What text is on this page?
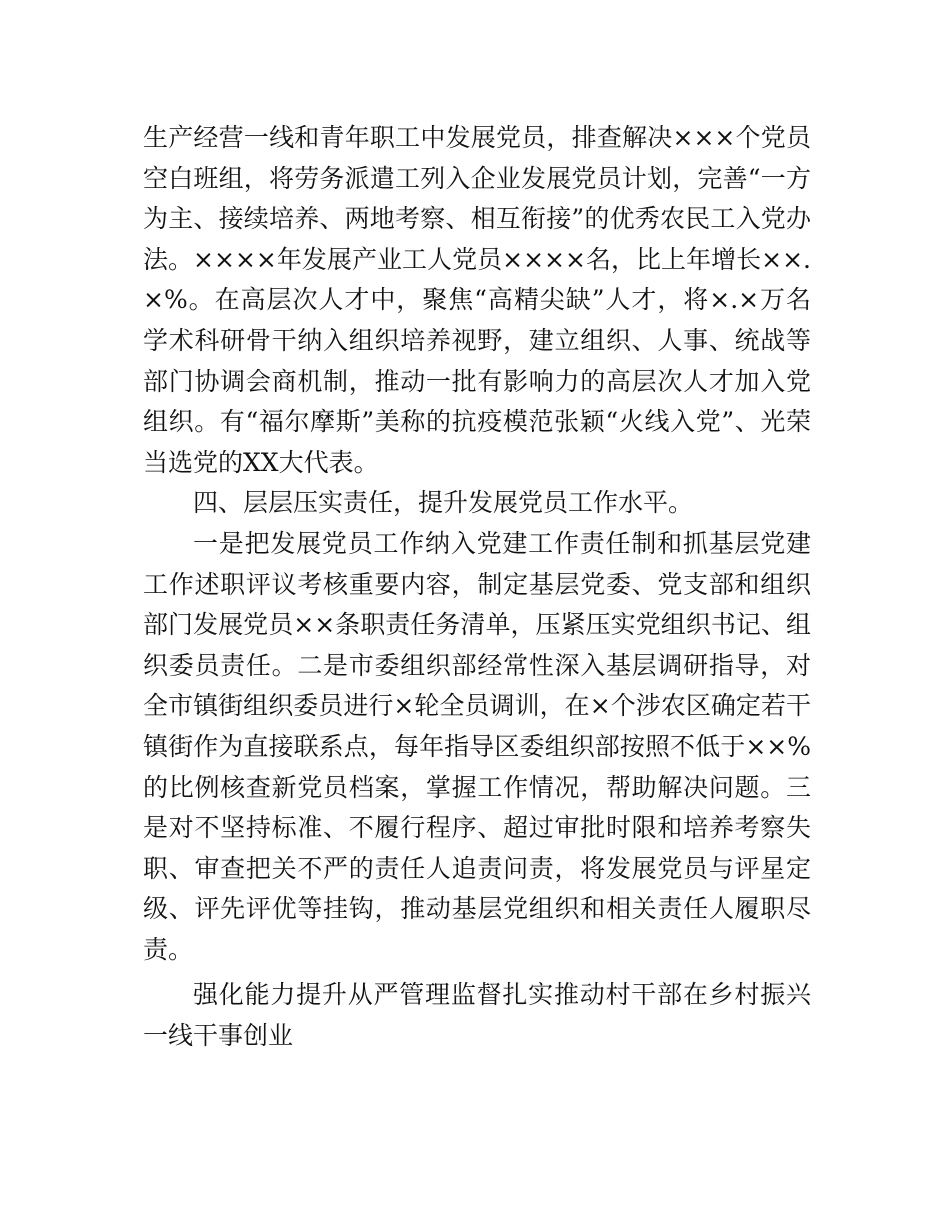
生产经营一线和青年职工中发展党员，排查解决×××个党员空白班组，将劳务派遣工列入企业发展党员计划，完善“一方为主、接续培养、两地考察、相互衔接”的优秀农民工入党办法。××××年发展产业工人党员××××名，比上年增长××.×%。在高层次人才中，聚焦“高精尖缺”人才，将×.×万名学术科研骨干纳入组织培养视野，建立组织、人事、统战等部门协调会商机制，推动一批有影响力的高层次人才加入党组织。有“福尔摩斯”美称的抗疫模范张颖“火线入党”、光荣当选党的XX大代表。

四、层层压实责任，提升发展党员工作水平。

一是把发展党员工作纳入党建工作责任制和抓基层党建工作述职评议考核重要内容，制定基层党委、党支部和组织部门发展党员××条职责任务清单，压紧压实党组织书记、组织委员责任。二是市委组织部经常性深入基层调研指导，对全市镇街组织委员进行×轮全员调训，在×个涉农区确定若干镇街作为直接联系点，每年指导区委组织部按照不低于××%的比例核查新党员档案，掌握工作情况，帮助解决问题。三是对不坚持标准、不履行程序、超过审批时限和培养考察失职、审查把关不严的责任人追责问责，将发展党员与评星定级、评先评优等挂钩，推动基层党组织和相关责任人履职尽责。

强化能力提升从严管理监督扎实推动村干部在乡村振兴一线干事创业
